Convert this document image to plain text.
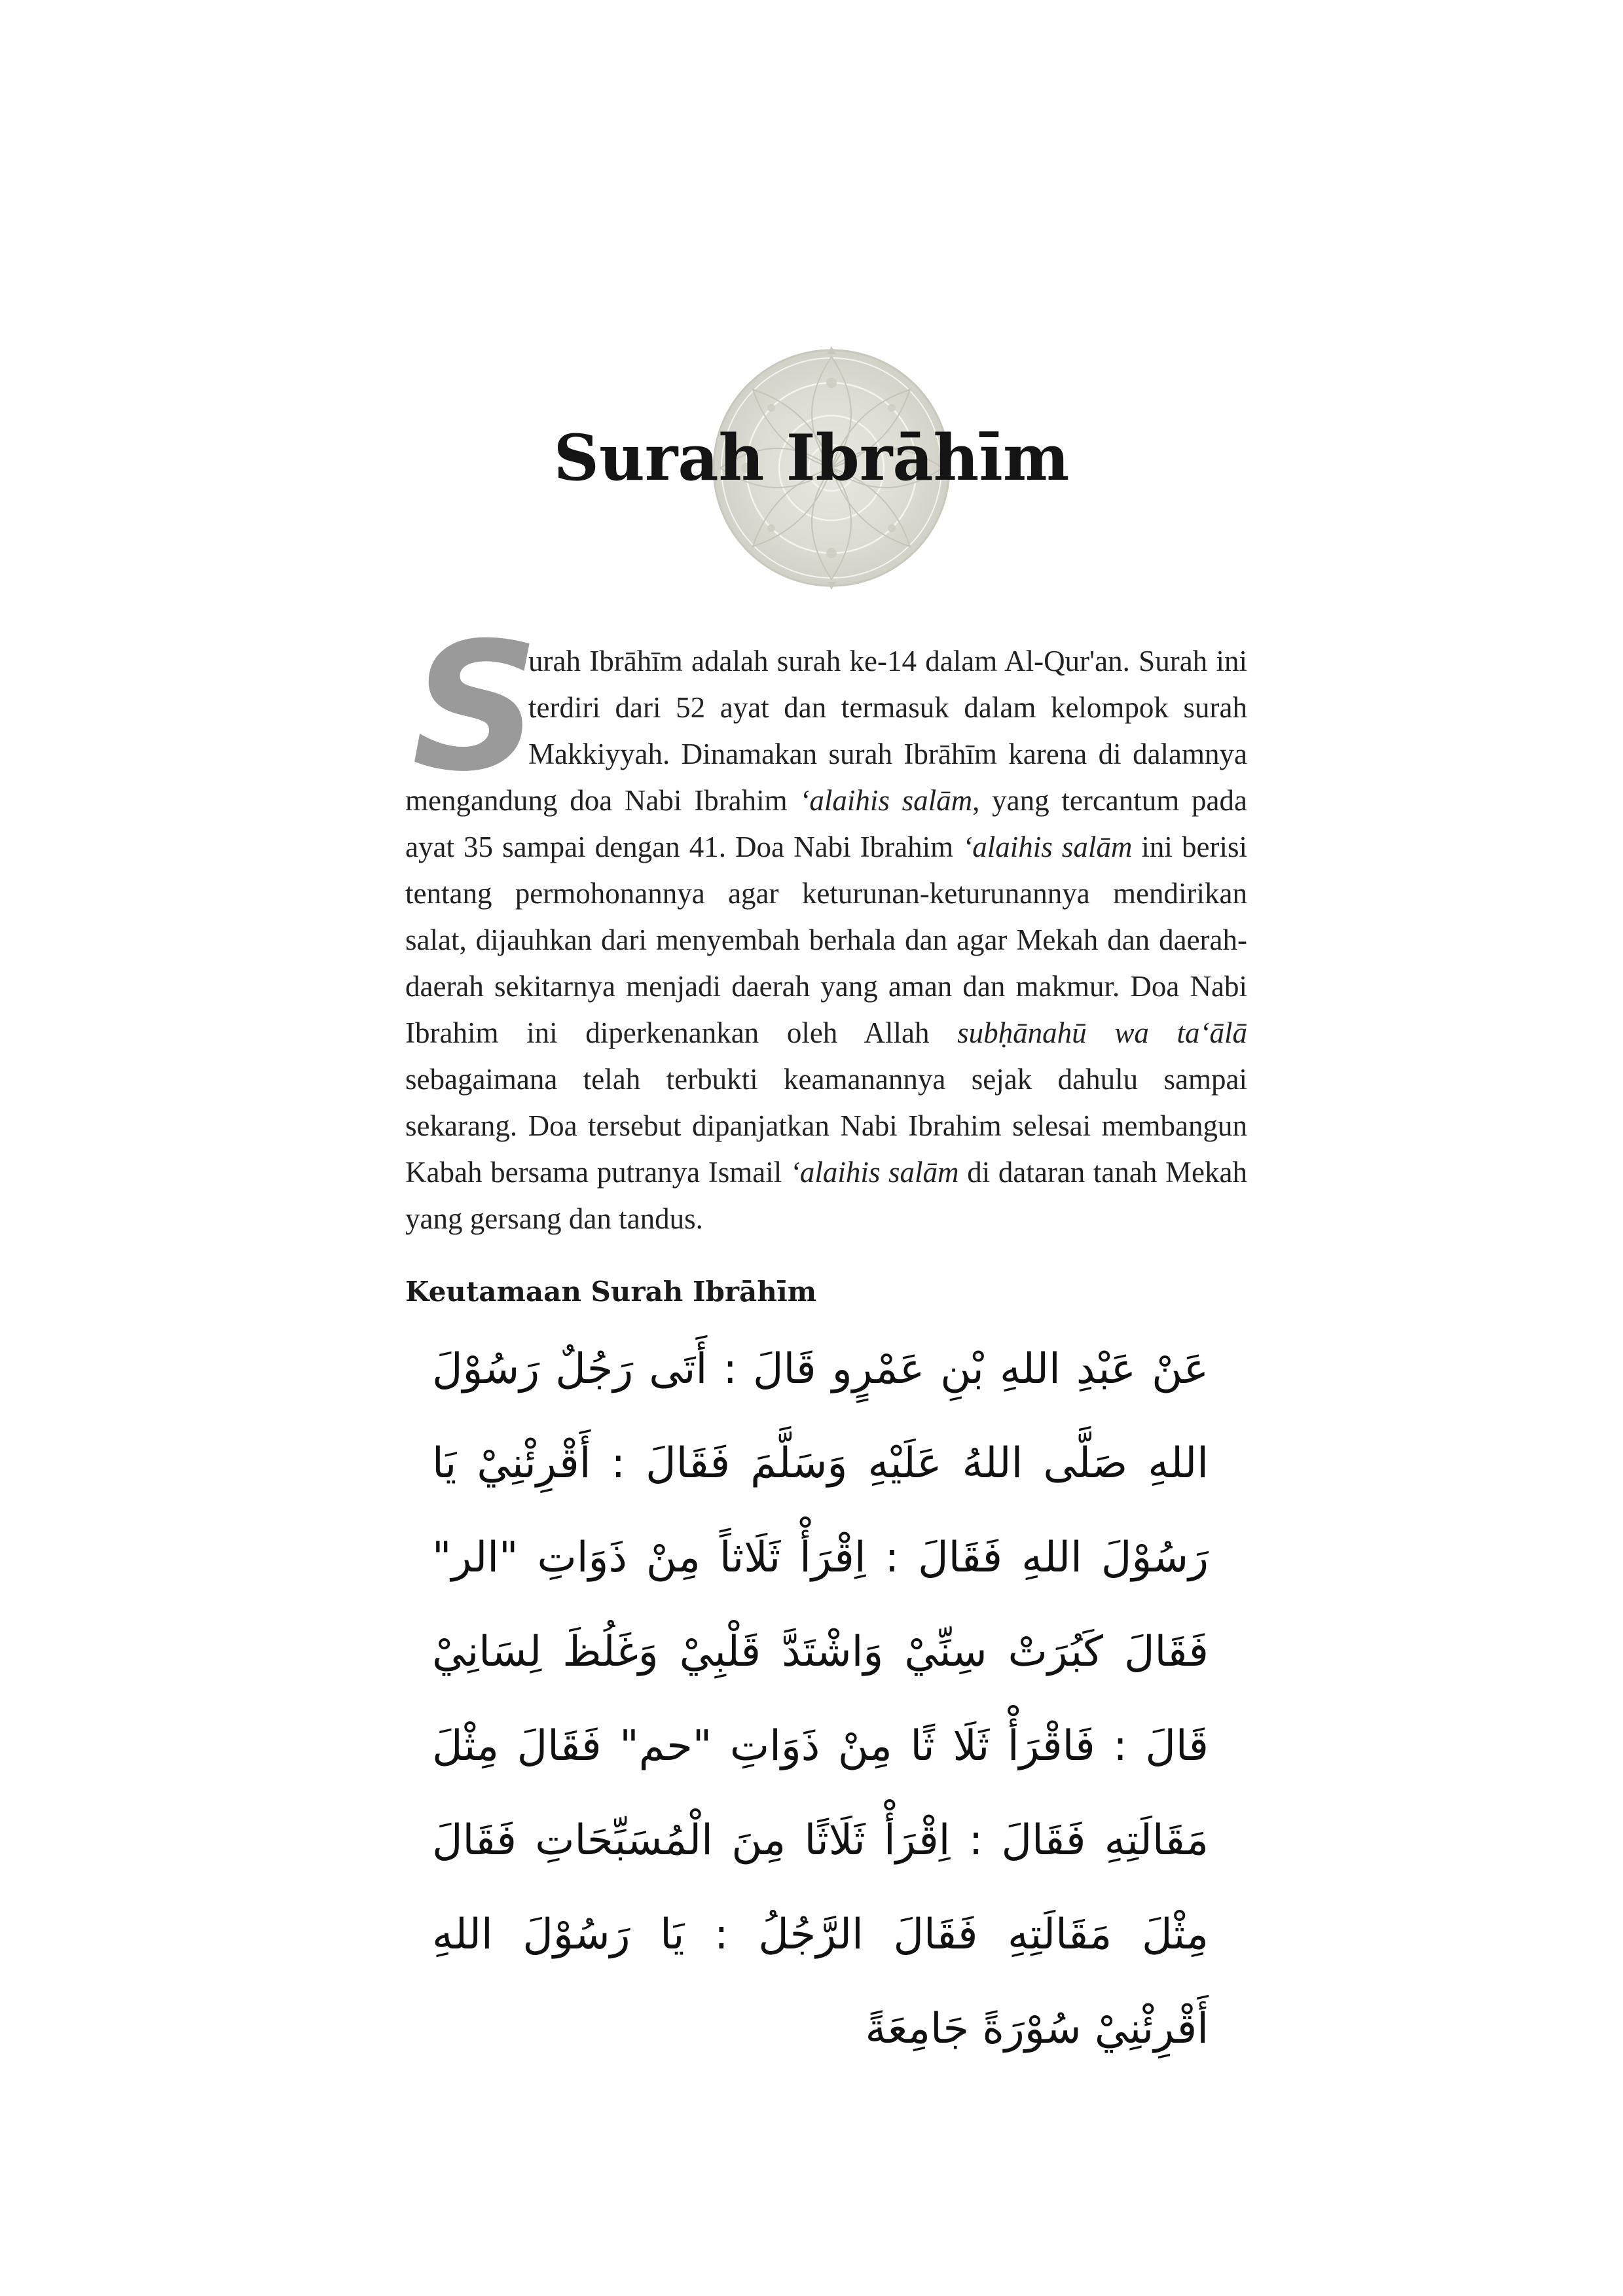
Surah Ibrāhīm

S
urah Ibrāhīm adalah surah ke-14 dalam Al-Qur'an. Surah ini terdiri dari 52 ayat dan termasuk dalam kelompok surah Makkiyyah. Dinamakan surah Ibrāhīm karena di dalamnya mengandung doa Nabi Ibrahim ‘alaihis salām, yang tercantum pada ayat 35 sampai dengan 41. Doa Nabi Ibrahim ‘alaihis salām ini berisi tentang permohonannya agar keturunan-keturunannya mendirikan salat, dijauhkan dari menyembah berhala dan agar Mekah dan daerah-daerah sekitarnya menjadi daerah yang aman dan makmur. Doa Nabi Ibrahim ini diperkenankan oleh Allah subḥānahū wa ta‘ālā sebagaimana telah terbukti keamanannya sejak dahulu sampai sekarang. Doa tersebut dipanjatkan Nabi Ibrahim selesai membangun Kabah bersama putranya Ismail ‘alaihis salām di dataran tanah Mekah yang gersang dan tandus.

Keutamaan Surah Ibrāhīm

عَنْ عَبْدِ اللهِ بْنِ عَمْرٍو قَالَ : أَتَى رَجُلٌ رَسُوْلَ اللهِ صَلَّى اللهُ عَلَيْهِ وَسَلَّمَ فَقَالَ : أَقْرِئْنِيْ يَا رَسُوْلَ اللهِ فَقَالَ : اِقْرَأْ ثَلَاثاً مِنْ ذَوَاتِ "الر" فَقَالَ كَبُرَتْ سِنِّيْ وَاشْتَدَّ قَلْبِيْ وَغَلُظَ لِسَانِيْ قَالَ : فَاقْرَأْ ثَلَا ثًا مِنْ ذَوَاتِ "حم" فَقَالَ مِثْلَ مَقَالَتِهِ فَقَالَ : اِقْرَأْ ثَلَاثًا مِنَ الْمُسَبِّحَاتِ فَقَالَ مِثْلَ مَقَالَتِهِ فَقَالَ الرَّجُلُ : يَا رَسُوْلَ اللهِ أَقْرِئْنِيْ سُوْرَةً جَامِعَةً
